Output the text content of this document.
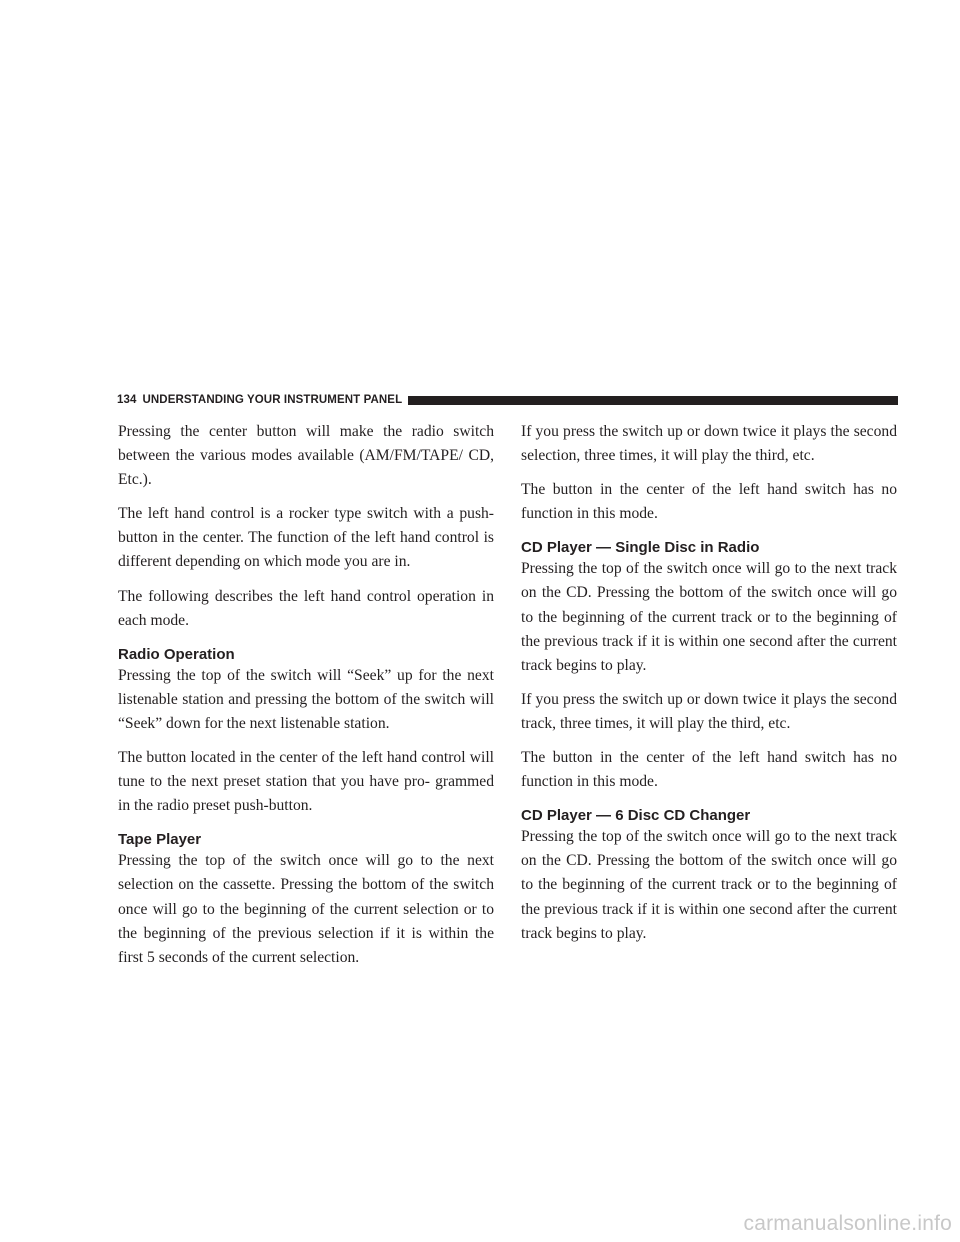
134 UNDERSTANDING YOUR INSTRUMENT PANEL

Pressing the center button will make the radio switch between the various modes available (AM/FM/TAPE/ CD, Etc.).

The left hand control is a rocker type switch with a push-button in the center. The function of the left hand control is different depending on which mode you are in.

The following describes the left hand control operation in each mode.

Radio Operation

Pressing the top of the switch will “Seek” up for the next listenable station and pressing the bottom of the switch will “Seek” down for the next listenable station.

The button located in the center of the left hand control will tune to the next preset station that you have pro- grammed in the radio preset push-button.

Tape Player

Pressing the top of the switch once will go to the next selection on the cassette. Pressing the bottom of the switch once will go to the beginning of the current selection or to the beginning of the previous selection if it is within the first 5 seconds of the current selection.

If you press the switch up or down twice it plays the second selection, three times, it will play the third, etc.

The button in the center of the left hand switch has no function in this mode.

CD Player — Single Disc in Radio

Pressing the top of the switch once will go to the next track on the CD. Pressing the bottom of the switch once will go to the beginning of the current track or to the beginning of the previous track if it is within one second after the current track begins to play.

If you press the switch up or down twice it plays the second track, three times, it will play the third, etc.

The button in the center of the left hand switch has no function in this mode.

CD Player — 6 Disc CD Changer

Pressing the top of the switch once will go to the next track on the CD. Pressing the bottom of the switch once will go to the beginning of the current track or to the beginning of the previous track if it is within one second after the current track begins to play.

carmanualsonline.info
